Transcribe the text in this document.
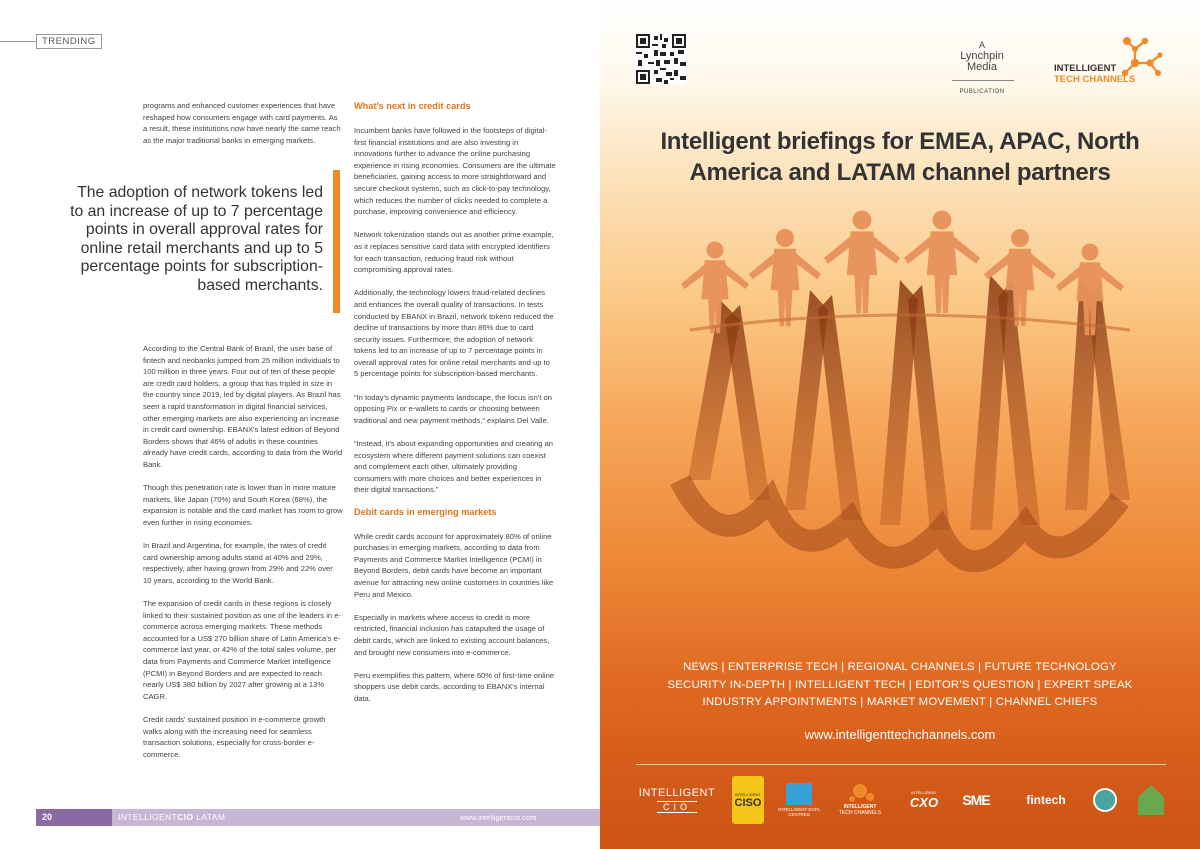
TRENDING

programs and enhanced customer experiences that have reshaped how consumers engage with card payments. As a result, these institutions now have nearly the same reach as the major traditional banks in emerging markets.

The adoption of network tokens led to an increase of up to 7 percentage points in overall approval rates for online retail merchants and up to 5 percentage points for subscription-based merchants.

According to the Central Bank of Brazil, the user base of fintech and neobanks jumped from 25 million individuals to 100 million in three years. Four out of ten of these people are credit card holders, a group that has tripled in size in the country since 2019, led by digital players. As Brazil has seen a rapid transformation in digital financial services, other emerging markets are also experiencing an increase in credit card ownership. EBANX's latest edition of Beyond Borders shows that 46% of adults in these countries already have credit cards, according to data from the World Bank.

Though this penetration rate is lower than in more mature markets, like Japan (70%) and South Korea (68%), the expansion is notable and the card market has room to grow even further in rising economies.

In Brazil and Argentina, for example, the rates of credit card ownership among adults stand at 40% and 29%, respectively, after having grown from 29% and 22% over 10 years, according to the World Bank.

The expansion of credit cards in these regions is closely linked to their sustained position as one of the leaders in e-commerce across emerging markets. These methods accounted for a US$ 270 billion share of Latin America's e-commerce last year, or 42% of the total sales volume, per data from Payments and Commerce Market Intelligence (PCMI) in Beyond Borders and are expected to reach nearly US$ 380 billion by 2027 after growing at a 13% CAGR.

Credit cards' sustained position in e-commerce growth walks along with the increasing need for seamless transaction solutions, especially for cross-border e-commerce.

What's next in credit cards

Incumbent banks have followed in the footsteps of digital-first financial institutions and are also investing in innovations further to advance the online purchasing experience in rising economies. Consumers are the ultimate beneficiaries, gaining access to more straightforward and secure checkout systems, such as click-to-pay technology, which reduces the number of clicks needed to complete a purchase, improving convenience and efficiency.

Network tokenization stands out as another prime example, as it replaces sensitive card data with encrypted identifiers for each transaction, reducing fraud risk without compromising approval rates.

Additionally, the technology lowers fraud-related declines and enhances the overall quality of transactions. In tests conducted by EBANX in Brazil, network tokens reduced the decline of transactions by more than 86% due to card security issues. Furthermore, the adoption of network tokens led to an increase of up to 7 percentage points in overall approval rates for online retail merchants and up to 5 percentage points for subscription-based merchants.

“In today's dynamic payments landscape, the focus isn't on opposing Pix or e-wallets to cards or choosing between traditional and new payment methods,” explains Del Valle.

“Instead, it's about expanding opportunities and creating an ecosystem where different payment solutions can coexist and complement each other, ultimately providing consumers with more choices and better experiences in their digital transactions.”

Debit cards in emerging markets

While credit cards account for approximately 80% of online purchases in emerging markets, according to data from Payments and Commerce Market Intelligence (PCMI) in Beyond Borders, debit cards have become an important avenue for attracting new online customers in countries like Peru and Mexico.

Especially in markets where access to credit is more restricted, financial inclusion has catapulted the usage of debit cards, which are linked to existing account balances, and brought new consumers into e-commerce.

Peru exemplifies this pattern, where 60% of first-time online shoppers use debit cards, according to EBANX's internal data.

20	INTELLIGENTCIO LATAM	www.intelligentcio.com
A
Lynchpin
Media
PUBLICATION
INTELLIGENT
TECH CHANNELS
Intelligent briefings for EMEA, APAC, North
America and LATAM channel partners
NEWS | ENTERPRISE TECH | REGIONAL CHANNELS | FUTURE TECHNOLOGY
SECURITY IN-DEPTH | INTELLIGENT TECH | EDITOR'S QUESTION | EXPERT SPEAK
INDUSTRY APPOINTMENTS | MARKET MOVEMENT | CHANNEL CHIEFS
www.intelligenttechchannels.com
INTELLIGENT
CIO
INTELLIGENT
CISO
INTELLIGENT DATA CENTRES
INTELLIGENT
TECH CHANNELS
INTELLIGENT
CXO SME	fintech
